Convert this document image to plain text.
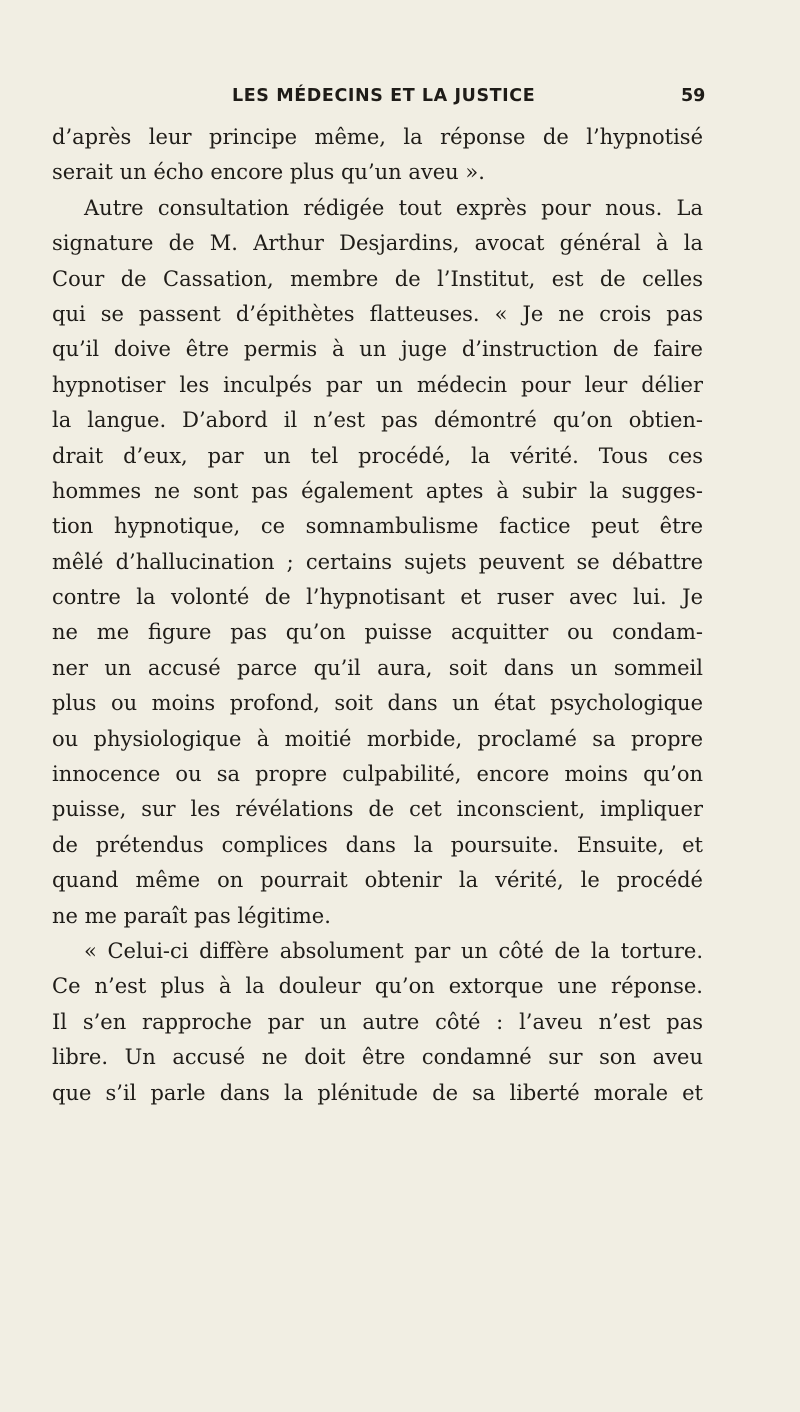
LES MÉDECINS ET LA JUSTICE	59
d’après leur principe même, la réponse de l’hypnotisé
serait un écho encore plus qu’un aveu ».
Autre consultation rédigée tout exprès pour nous. La
signature de M. Arthur Desjardins, avocat général à la
Cour de Cassation, membre de l’Institut, est de celles
qui se passent d’épithètes flatteuses. « Je ne crois pas
qu’il doive être permis à un juge d’instruction de faire
hypnotiser les inculpés par un médecin pour leur délier
la langue. D’abord il n’est pas démontré qu’on obtien-
drait d’eux, par un tel procédé, la vérité. Tous ces
hommes ne sont pas également aptes à subir la sugges-
tion hypnotique, ce somnambulisme factice peut être
mêlé d’hallucination ; certains sujets peuvent se débattre
contre la volonté de l’hypnotisant et ruser avec lui. Je
ne me figure pas qu’on puisse acquitter ou condam-
ner un accusé parce qu’il aura, soit dans un sommeil
plus ou moins profond, soit dans un état psychologique
ou physiologique à moitié morbide, proclamé sa propre
innocence ou sa propre culpabilité, encore moins qu’on
puisse, sur les révélations de cet inconscient, impliquer
de prétendus complices dans la poursuite. Ensuite, et
quand même on pourrait obtenir la vérité, le procédé
ne me paraît pas légitime.
« Celui-ci diffère absolument par un côté de la torture.
Ce n’est plus à la douleur qu’on extorque une réponse.
Il s’en rapproche par un autre côté : l’aveu n’est pas
libre. Un accusé ne doit être condamné sur son aveu
que s’il parle dans la plénitude de sa liberté morale et
